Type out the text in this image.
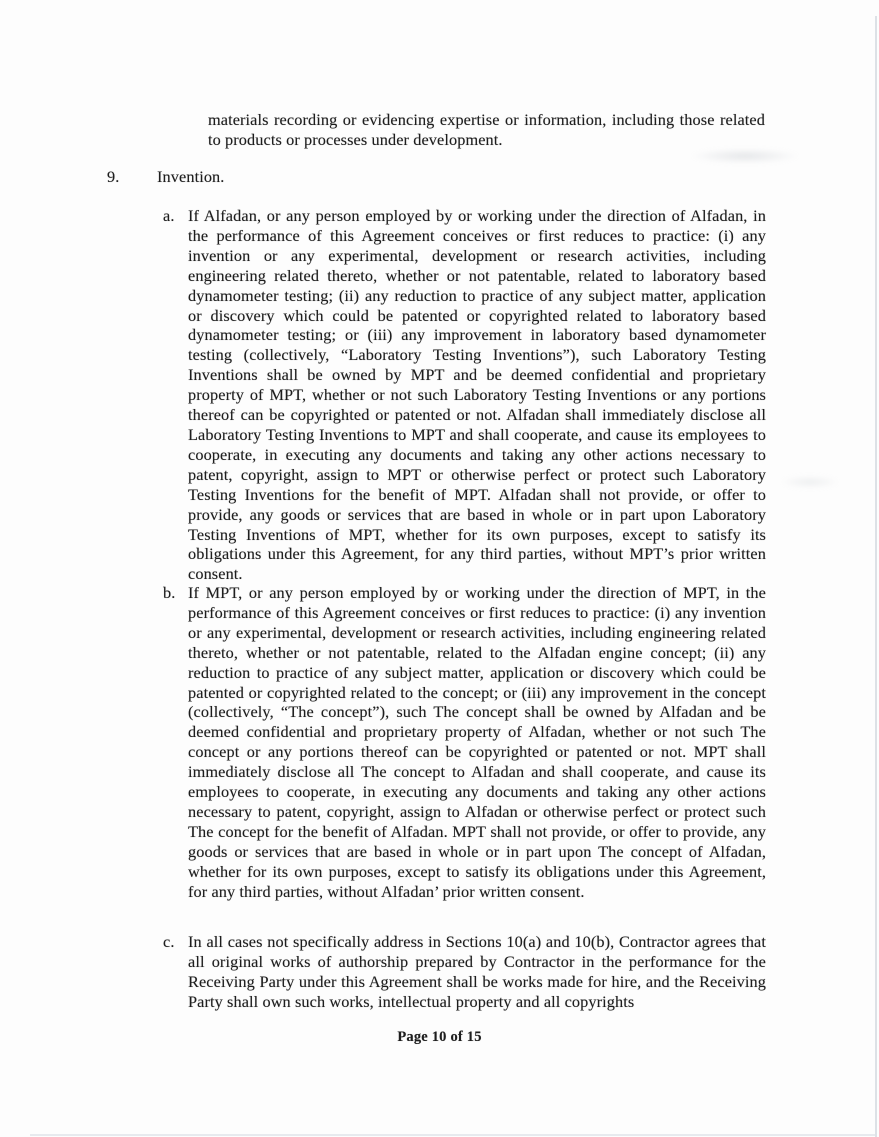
materials recording or evidencing expertise or information, including those related to products or processes under development.
9. Invention.
a. If Alfadan, or any person employed by or working under the direction of Alfadan, in the performance of this Agreement conceives or first reduces to practice: (i) any invention or any experimental, development or research activities, including engineering related thereto, whether or not patentable, related to laboratory based dynamometer testing; (ii) any reduction to practice of any subject matter, application or discovery which could be patented or copyrighted related to laboratory based dynamometer testing; or (iii) any improvement in laboratory based dynamometer testing (collectively, “Laboratory Testing Inventions”), such Laboratory Testing Inventions shall be owned by MPT and be deemed confidential and proprietary property of MPT, whether or not such Laboratory Testing Inventions or any portions thereof can be copyrighted or patented or not. Alfadan shall immediately disclose all Laboratory Testing Inventions to MPT and shall cooperate, and cause its employees to cooperate, in executing any documents and taking any other actions necessary to patent, copyright, assign to MPT or otherwise perfect or protect such Laboratory Testing Inventions for the benefit of MPT. Alfadan shall not provide, or offer to provide, any goods or services that are based in whole or in part upon Laboratory Testing Inventions of MPT, whether for its own purposes, except to satisfy its obligations under this Agreement, for any third parties, without MPT’s prior written consent.

b. If MPT, or any person employed by or working under the direction of MPT, in the performance of this Agreement conceives or first reduces to practice: (i) any invention or any experimental, development or research activities, including engineering related thereto, whether or not patentable, related to the Alfadan engine concept; (ii) any reduction to practice of any subject matter, application or discovery which could be patented or copyrighted related to the concept; or (iii) any improvement in the concept (collectively, “The concept”), such The concept shall be owned by Alfadan and be deemed confidential and proprietary property of Alfadan, whether or not such The concept or any portions thereof can be copyrighted or patented or not. MPT shall immediately disclose all The concept to Alfadan and shall cooperate, and cause its employees to cooperate, in executing any documents and taking any other actions necessary to patent, copyright, assign to Alfadan or otherwise perfect or protect such The concept for the benefit of Alfadan. MPT shall not provide, or offer to provide, any goods or services that are based in whole or in part upon The concept of Alfadan, whether for its own purposes, except to satisfy its obligations under this Agreement, for any third parties, without Alfadan’ prior written consent.

c. In all cases not specifically address in Sections 10(a) and 10(b), Contractor agrees that all original works of authorship prepared by Contractor in the performance for the Receiving Party under this Agreement shall be works made for hire, and the Receiving Party shall own such works, intellectual property and all copyrights

Page 10 of 15
